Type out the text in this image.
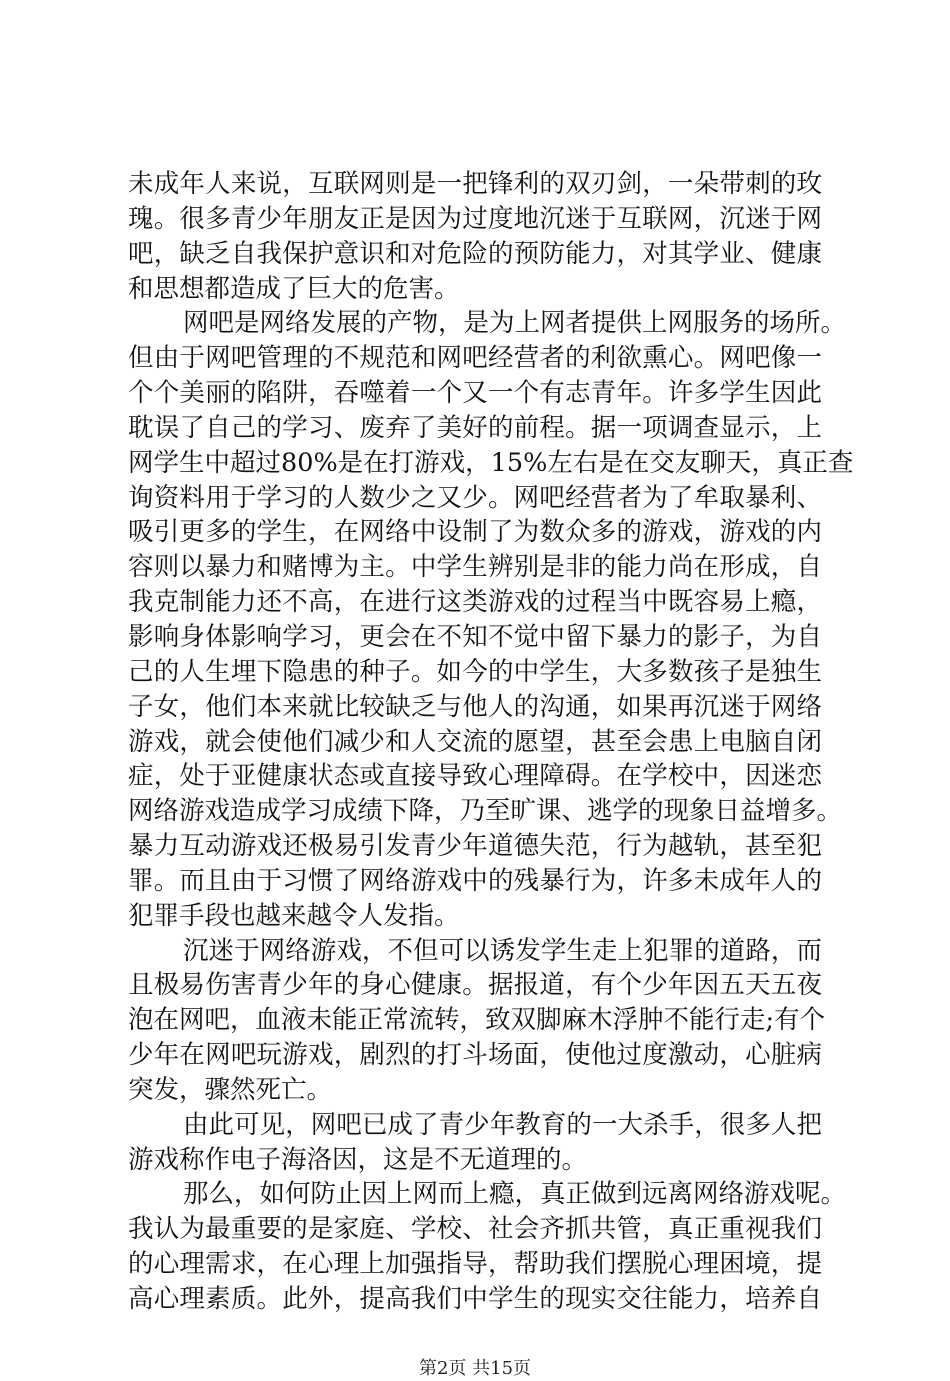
未成年人来说，互联网则是一把锋利的双刃剑，一朵带刺的玫
瑰。很多青少年朋友正是因为过度地沉迷于互联网，沉迷于网
吧，缺乏自我保护意识和对危险的预防能力，对其学业、健康
和思想都造成了巨大的危害。
网吧是网络发展的产物，是为上网者提供上网服务的场所。
但由于网吧管理的不规范和网吧经营者的利欲熏心。网吧像一
个个美丽的陷阱，吞噬着一个又一个有志青年。许多学生因此
耽误了自己的学习、废弃了美好的前程。据一项调查显示，上
网学生中超过80%是在打游戏，15%左右是在交友聊天，真正查
询资料用于学习的人数少之又少。网吧经营者为了牟取暴利、
吸引更多的学生，在网络中设制了为数众多的游戏，游戏的内
容则以暴力和赌博为主。中学生辨别是非的能力尚在形成，自
我克制能力还不高，在进行这类游戏的过程当中既容易上瘾，
影响身体影响学习，更会在不知不觉中留下暴力的影子，为自
己的人生埋下隐患的种子。如今的中学生，大多数孩子是独生
子女，他们本来就比较缺乏与他人的沟通，如果再沉迷于网络
游戏，就会使他们减少和人交流的愿望，甚至会患上电脑自闭
症，处于亚健康状态或直接导致心理障碍。在学校中，因迷恋
网络游戏造成学习成绩下降，乃至旷课、逃学的现象日益增多。
暴力互动游戏还极易引发青少年道德失范，行为越轨，甚至犯
罪。而且由于习惯了网络游戏中的残暴行为，许多未成年人的
犯罪手段也越来越令人发指。
沉迷于网络游戏，不但可以诱发学生走上犯罪的道路，而
且极易伤害青少年的身心健康。据报道，有个少年因五天五夜
泡在网吧，血液未能正常流转，致双脚麻木浮肿不能行走;有个
少年在网吧玩游戏，剧烈的打斗场面，使他过度激动，心脏病
突发，骤然死亡。
由此可见，网吧已成了青少年教育的一大杀手，很多人把
游戏称作电子海洛因，这是不无道理的。
那么，如何防止因上网而上瘾，真正做到远离网络游戏呢。
我认为最重要的是家庭、学校、社会齐抓共管，真正重视我们
的心理需求，在心理上加强指导，帮助我们摆脱心理困境，提
高心理素质。此外，提高我们中学生的现实交往能力，培养自
第2页 共15页
